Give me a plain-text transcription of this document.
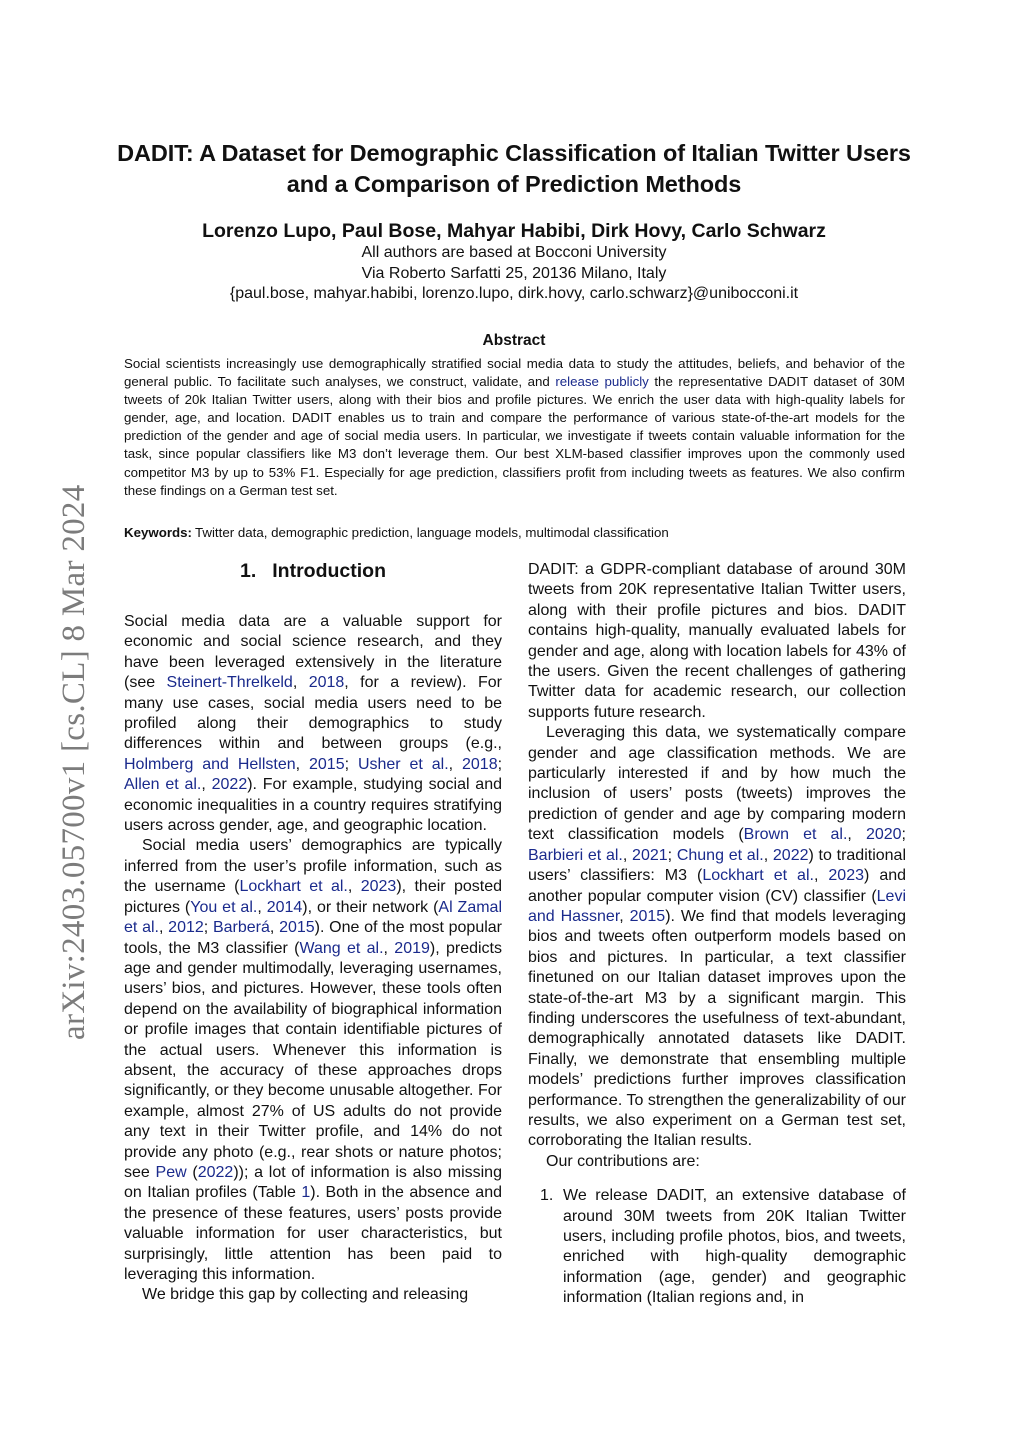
arXiv:2403.05700v1 [cs.CL] 8 Mar 2024
DADIT: A Dataset for Demographic Classification of Italian Twitter Users and a Comparison of Prediction Methods
Lorenzo Lupo, Paul Bose, Mahyar Habibi, Dirk Hovy, Carlo Schwarz
All authors are based at Bocconi University
Via Roberto Sarfatti 25, 20136 Milano, Italy
{paul.bose, mahyar.habibi, lorenzo.lupo, dirk.hovy, carlo.schwarz}@unibocconi.it
Abstract

Social scientists increasingly use demographically stratified social media data to study the attitudes, beliefs, and behavior of the general public. To facilitate such analyses, we construct, validate, and release publicly the representative DADIT dataset of 30M tweets of 20k Italian Twitter users, along with their bios and profile pictures. We enrich the user data with high-quality labels for gender, age, and location. DADIT enables us to train and compare the performance of various state-of-the-art models for the prediction of the gender and age of social media users. In particular, we investigate if tweets contain valuable information for the task, since popular classifiers like M3 don’t leverage them. Our best XLM-based classifier improves upon the commonly used competitor M3 by up to 53% F1. Especially for age prediction, classifiers profit from including tweets as features. We also confirm these findings on a German test set.

Keywords: Twitter data, demographic prediction, language models, multimodal classification
1. Introduction

Social media data are a valuable support for economic and social science research, and they have been leveraged extensively in the literature (see Steinert-Threlkeld, 2018, for a review). For many use cases, social media users need to be profiled along their demographics to study differences within and between groups (e.g., Holmberg and Hellsten, 2015; Usher et al., 2018; Allen et al., 2022). For example, studying social and economic inequalities in a country requires stratifying users across gender, age, and geographic location.

Social media users’ demographics are typically inferred from the user’s profile information, such as the username (Lockhart et al., 2023), their posted pictures (You et al., 2014), or their network (Al Zamal et al., 2012; Barberá, 2015). One of the most popular tools, the M3 classifier (Wang et al., 2019), predicts age and gender multimodally, leveraging usernames, users’ bios, and pictures. However, these tools often depend on the availability of biographical information or profile images that contain identifiable pictures of the actual users. Whenever this information is absent, the accuracy of these approaches drops significantly, or they become unusable altogether. For example, almost 27% of US adults do not provide any text in their Twitter profile, and 14% do not provide any photo (e.g., rear shots or nature photos; see Pew (2022)); a lot of information is also missing on Italian profiles (Table 1). Both in the absence and the presence of these features, users’ posts provide valuable information for user characteristics, but surprisingly, little attention has been paid to leveraging this information.

We bridge this gap by collecting and releasing

DADIT: a GDPR-compliant database of around 30M tweets from 20K representative Italian Twitter users, along with their profile pictures and bios. DADIT contains high-quality, manually evaluated labels for gender and age, along with location labels for 43% of the users. Given the recent challenges of gathering Twitter data for academic research, our collection supports future research.

Leveraging this data, we systematically compare gender and age classification methods. We are particularly interested if and by how much the inclusion of users’ posts (tweets) improves the prediction of gender and age by comparing modern text classification models (Brown et al., 2020; Barbieri et al., 2021; Chung et al., 2022) to traditional users’ classifiers: M3 (Lockhart et al., 2023) and another popular computer vision (CV) classifier (Levi and Hassner, 2015). We find that models leveraging bios and tweets often outperform models based on bios and pictures. In particular, a text classifier finetuned on our Italian dataset improves upon the state-of-the-art M3 by a significant margin. This finding underscores the usefulness of text-abundant, demographically annotated datasets like DADIT. Finally, we demonstrate that ensembling multiple models’ predictions further improves classification performance. To strengthen the generalizability of our results, we also experiment on a German test set, corroborating the Italian results.

Our contributions are:

1. We release DADIT, an extensive database of around 30M tweets from 20K Italian Twitter users, including profile photos, bios, and tweets, enriched with high-quality demographic information (age, gender) and geographic information (Italian regions and, in
